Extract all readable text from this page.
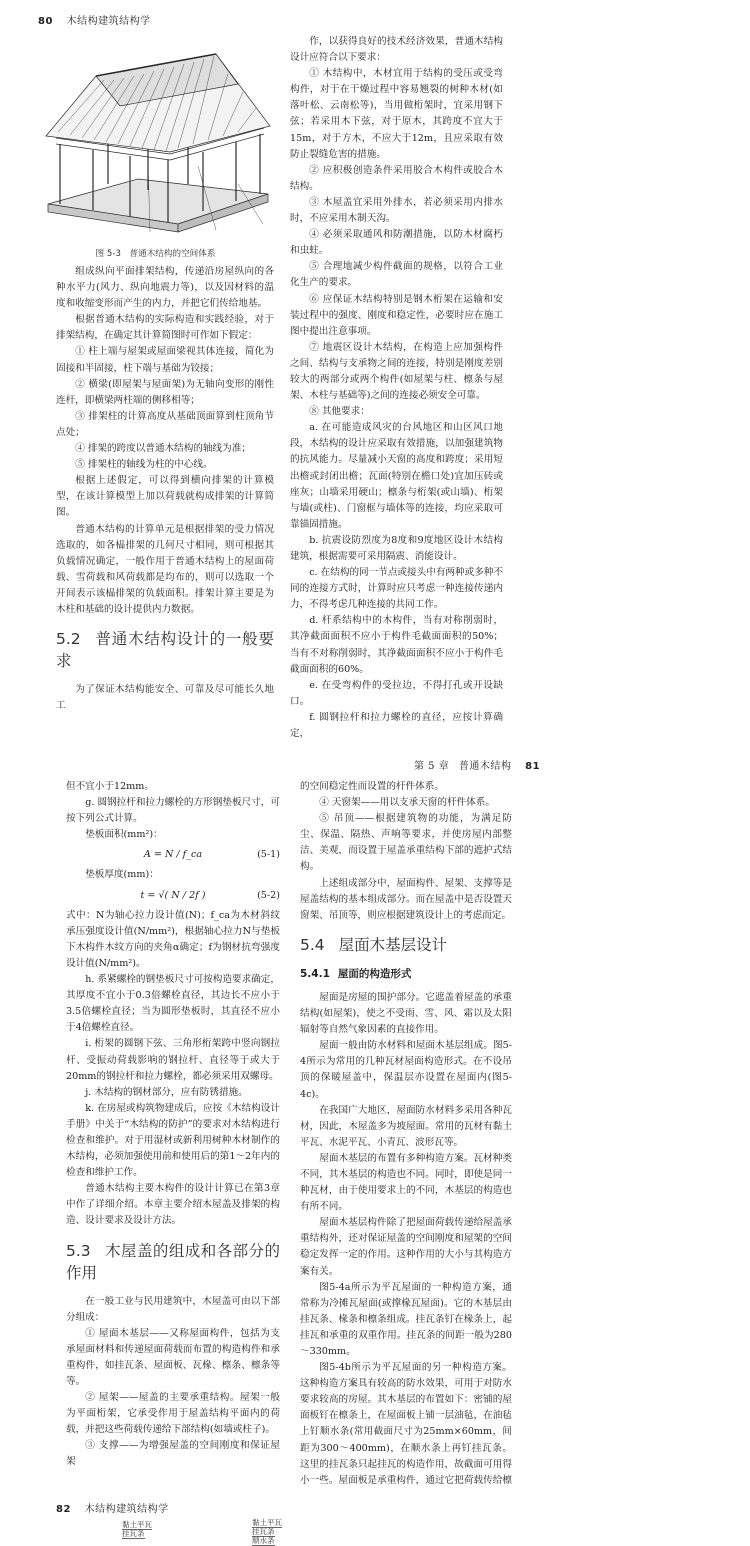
80 木结构建筑结构学
图 5-3　普通木结构的空间体系

组成纵向平面排架结构，传递沿房屋纵向的各种水平力(风力、纵向地震力等)，以及因材料的温度和收缩变形而产生的内力，并把它们传给地基。

根据普通木结构的实际构造和实践经验，对于排架结构，在确定其计算简图时可作如下假定：

① 柱上端与屋架或屋面梁视其体连接，简化为固接和半固接，柱下端与基础为铰接；

② 横梁(即屋架与屋面架)为无轴向变形的刚性连杆，即横梁两柱端的侧移相等；

③ 排架柱的计算高度从基础顶面算到柱顶角节点处；

④ 排架的跨度以普通木结构的轴线为准；

⑤ 排架柱的轴线为柱的中心线。

根据上述假定，可以得到横向排架的计算模型，在该计算模型上加以荷载就构成排架的计算简图。

普通木结构的计算单元是根据排架的受力情况选取的，如各榀排架的几何尺寸相同，则可根据其负载情况确定，一般作用于普通木结构上的屋面荷载、雪荷载和风荷载都是均布的，则可以选取一个开间表示该榀排架的负载面积。排架计算主要是为木柱和基础的设计提供内力数据。

5.2 普通木结构设计的一般要求

为了保证木结构能安全、可靠及尽可能长久地工

作，以获得良好的技术经济效果，普通木结构设计应符合以下要求：

① 木结构中，木材宜用于结构的受压或受弯构件，对于在干燥过程中容易翘裂的树种木材(如落叶松、云南松等)，当用做桁架时，宜采用钢下弦；若采用木下弦，对于原木，其跨度不宜大于15m，对于方木，不应大于12m，且应采取有效防止裂缝危害的措施。

② 应积极创造条件采用胶合木构件或胶合木结构。

③ 木屋盖宜采用外排水，若必须采用内排水时，不应采用木制天沟。

④ 必须采取通风和防潮措施，以防木材腐朽和虫蛀。

⑤ 合理地减少构件截面的规格，以符合工业化生产的要求。

⑥ 应保证木结构特别是钢木桁架在运输和安装过程中的强度、刚度和稳定性，必要时应在施工图中提出注意事项。

⑦ 地震区设计木结构，在构造上应加强构件之间、结构与支承物之间的连接，特别是刚度差别较大的两部分或两个构件(如屋架与柱、檩条与屋架、木柱与基础等)之间的连接必须安全可靠。

⑧ 其他要求：

a. 在可能造成风灾的台风地区和山区风口地段，木结构的设计应采取有效措施，以加强建筑物的抗风能力。尽量减小天窗的高度和跨度；采用短出檐或封闭出檐；瓦面(特别在檐口处)宜加压砖或座灰；山墙采用硬山；檩条与桁架(或山墙)、桁架与墙(或柱)、门窗框与墙体等的连接，均应采取可靠锚固措施。

b. 抗震设防烈度为8度和9度地区设计木结构建筑，根据需要可采用隔震、消能设计。

c. 在结构的同一节点或接头中有两种或多种不同的连接方式时，计算时应只考虑一种连接传递内力，不得考虑几种连接的共同工作。

d. 杆系结构中的木构件，当有对称削弱时，其净截面面积不应小于构件毛截面面积的50%；当有不对称削弱时，其净截面面积不应小于构件毛截面面积的60%。

e. 在受弯构件的受拉边，不得打孔或开设缺口。

f. 圆钢拉杆和拉力螺栓的直径，应按计算确定，

第 5 章 普通木结构 81

但不宜小于12mm。

g. 圆钢拉杆和拉力螺栓的方形钢垫板尺寸，可按下列公式计算。

垫板面积(mm²)：

A = N / f_ca	(5-1)

垫板厚度(mm)：

t = √( N / 2f )	(5-2)

式中：N为轴心拉力设计值(N)；f_ca为木材斜纹承压强度设计值(N/mm²)，根据轴心拉力N与垫板下木构件木纹方向的夹角α确定；f为钢材抗弯强度设计值(N/mm²)。

h. 系紧螺栓的钢垫板尺寸可按构造要求确定，其厚度不宜小于0.3倍螺栓直径，其边长不应小于3.5倍螺栓直径；当为圆形垫板时，其直径不应小于4倍螺栓直径。

i. 桁架的圆钢下弦、三角形桁架跨中竖向钢拉杆、受振动荷载影响的钢拉杆、直径等于或大于20mm的钢拉杆和拉力螺栓，都必须采用双螺母。

j. 木结构的钢材部分，应有防锈措施。

k. 在房屋或构筑物建成后，应按《木结构设计手册》中关于“木结构的防护”的要求对木结构进行检查和维护。对于用湿材或新利用树种木材制作的木结构，必须加强使用前和使用后的第1～2年内的检查和维护工作。

普通木结构主要木构件的设计计算已在第3章中作了详细介绍。本章主要介绍木屋盖及排架的构造、设计要求及设计方法。

5.3 木屋盖的组成和各部分的作用

在一般工业与民用建筑中，木屋盖可由以下部分组成：

① 屋面木基层——又称屋面构件，包括为支承屋面材料和传递屋面荷载而布置的构造构件和承重构件，如挂瓦条、屋面板、瓦椽、檩条、檩条等等。

② 屋架——屋盖的主要承重结构。屋架一般为平面桁架，它承受作用于屋盖结构平面内的荷载，并把这些荷载传递给下部结构(如墙或柱子)。

③ 支撑——为增强屋盖的空间刚度和保证屋架

的空间稳定性而设置的杆件体系。

④ 天窗架——用以支承天窗的杆件体系。

⑤ 吊顶——根据建筑物的功能，为满足防尘、保温、隔热、声响等要求，并使房屋内部整洁、美观，而设置于屋盖承重结构下部的遮护式结构。

上述组成部分中，屋面构件、屋架、支撑等是屋盖结构的基本组成部分。而在屋盖中是否设置天窗架、吊顶等，则应根据建筑设计上的考虑而定。

5.4 屋面木基层设计
5.4.1 屋面的构造形式

屋面是房屋的围护部分。它遮盖着屋盖的承重结构(如屋架)，使之不受雨、雪、风、霜以及太阳辐射等自然气象因素的直接作用。

屋面一般由防水材料和屋面木基层组成。图5-4所示为常用的几种瓦材屋面构造形式。在不设吊顶的保暖屋盖中，保温层亦设置在屋面内(图5-4c)。

在我国广大地区，屋面防水材料多采用各种瓦材，因此，木屋盖多为坡屋面。常用的瓦材有黏土平瓦、水泥平瓦、小青瓦、波形瓦等。

屋面木基层的布置有多种构造方案。瓦材种类不同，其木基层的构造也不同。同时，即使是同一种瓦材，由于使用要求上的不同，木基层的构造也有所不同。

屋面木基层构件除了把屋面荷载传递给屋盖承重结构外，还对保证屋盖的空间刚度和屋架的空间稳定发挥一定的作用。这种作用的大小与其构造方案有关。

图5-4a所示为平瓦屋面的一种构造方案，通常称为冷摊瓦屋面(或撑椽瓦屋面)。它的木基层由挂瓦条、椽条和檩条组成。挂瓦条钉在椽条上，起挂瓦和承重的双重作用。挂瓦条的间距一般为280～330mm。

图5-4b所示为平瓦屋面的另一种构造方案。这种构造方案具有较高的防水效果，可用于对防水要求较高的房屋。其木基层的布置如下：密铺的屋面板钉在檩条上，在屋面板上铺一层油毡，在油毡上钉顺水条(常用截面尺寸为25mm×60mm，间距为300～400mm)，在顺水条上再钉挂瓦条。这里的挂瓦条只起挂瓦的构造作用，故截面可用得小一些。屋面板是承重构件，通过它把荷载传给檩

82 木结构建筑结构学
黏土平瓦
挂瓦条
黏土平瓦
挂瓦条
顺水条
